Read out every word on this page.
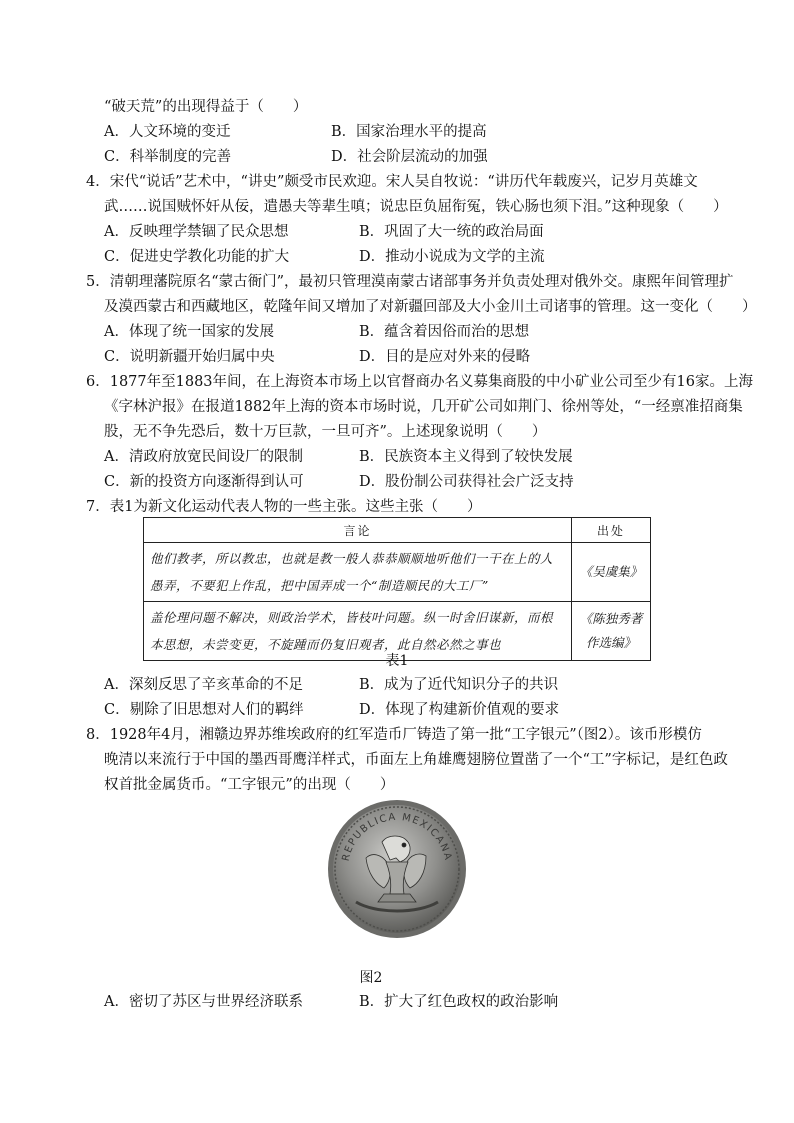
“破天荒”的出现得益于（　　）
A．人文环境的变迁	B．国家治理水平的提高
C．科举制度的完善	D．社会阶层流动的加强
4．宋代“说话”艺术中，“讲史”颇受市民欢迎。宋人吴自牧说：“讲历代年载废兴，记岁月英雄文
武……说国贼怀奸从佞，遣愚夫等辈生嗔；说忠臣负屈衔冤，铁心肠也须下泪。”这种现象（　　）
A．反映理学禁锢了民众思想	B．巩固了大一统的政治局面
C．促进史学教化功能的扩大	D．推动小说成为文学的主流
5．清朝理藩院原名“蒙古衙门”，最初只管理漠南蒙古诸部事务并负责处理对俄外交。康熙年间管理扩
及漠西蒙古和西藏地区，乾隆年间又增加了对新疆回部及大小金川土司诸事的管理。这一变化（　　）
A．体现了统一国家的发展	B．蕴含着因俗而治的思想
C．说明新疆开始归属中央	D．目的是应对外来的侵略
6．1877年至1883年间，在上海资本市场上以官督商办名义募集商股的中小矿业公司至少有16家。上海
《字林沪报》在报道1882年上海的资本市场时说，几开矿公司如荆门、徐州等处，“一经禀准招商集
股，无不争先恐后，数十万巨款，一旦可齐”。上述现象说明（　　）
A．清政府放宽民间设厂的限制	B．民族资本主义得到了较快发展
C．新的投资方向逐渐得到认可	D．股份制公司获得社会广泛支持
7．表1为新文化运动代表人物的一些主张。这些主张（　　）
言论	出处
他们教孝，所以教忠，也就是教一般人恭恭顺顺地听他们一干在上的人愚弄，不要犯上作乱，把中国弄成一个“制造顺民的大工厂”	《吴虞集》
盖伦理问题不解决，则政治学术，皆枝叶问题。纵一时舍旧谋新，而根本思想，未尝变更，不旋踵而仍复旧观者，此自然必然之事也	《陈独秀著作选编》
表1
A．深刻反思了辛亥革命的不足	B．成为了近代知识分子的共识
C．剔除了旧思想对人们的羁绊	D．体现了构建新价值观的要求
8．1928年4月，湘赣边界苏维埃政府的红军造币厂铸造了第一批“工字银元”（图2）。该币形模仿
晚清以来流行于中国的墨西哥鹰洋样式，币面左上角雄鹰翅膀位置凿了一个“工”字标记，是红色政
权首批金属货币。“工字银元”的出现（　　）
REPUBLICA MEXICANA
图2
A．密切了苏区与世界经济联系	B．扩大了红色政权的政治影响
